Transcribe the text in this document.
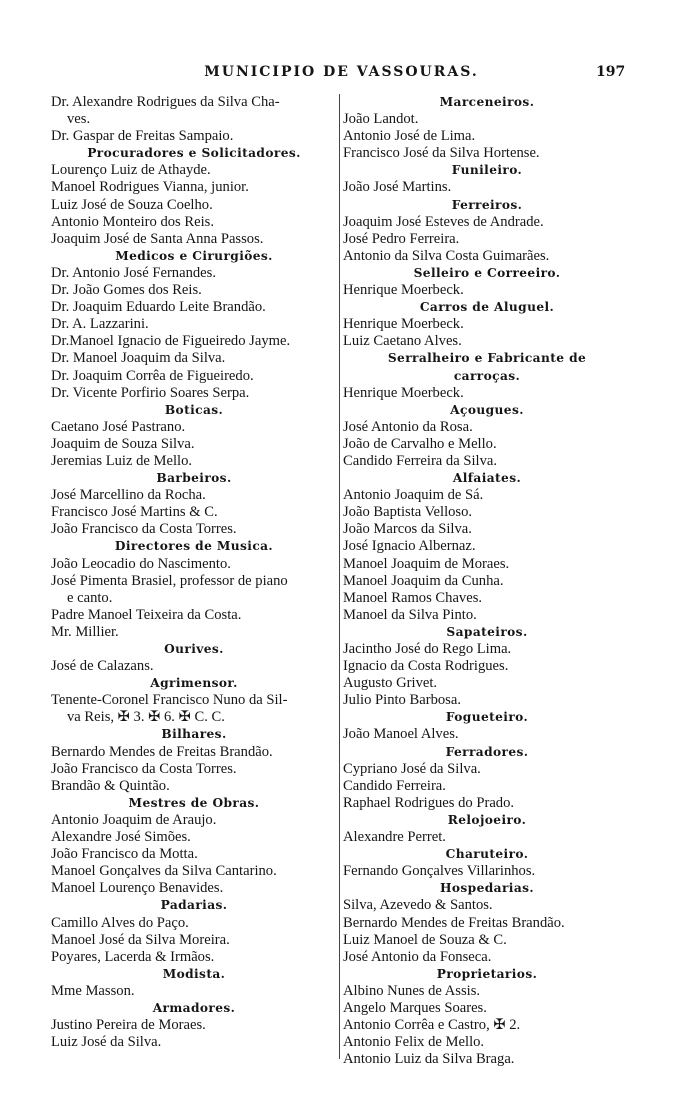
MUNICIPIO DE VASSOURAS.	197
Dr. Alexandre Rodrigues da Silva Cha-
ves.
Dr. Gaspar de Freitas Sampaio.
Procuradores e Solicitadores.
Lourenço Luiz de Athayde.
Manoel Rodrigues Vianna, junior.
Luiz José de Souza Coelho.
Antonio Monteiro dos Reis.
Joaquim José de Santa Anna Passos.
Medicos e Cirurgiões.
Dr. Antonio José Fernandes.
Dr. João Gomes dos Reis.
Dr. Joaquim Eduardo Leite Brandão.
Dr. A. Lazzarini.
Dr.Manoel Ignacio de Figueiredo Jayme.
Dr. Manoel Joaquim da Silva.
Dr. Joaquim Corrêa de Figueiredo.
Dr. Vicente Porfirio Soares Serpa.
Boticas.
Caetano José Pastrano.
Joaquim de Souza Silva.
Jeremias Luiz de Mello.
Barbeiros.
José Marcellino da Rocha.
Francisco José Martins & C.
João Francisco da Costa Torres.
Directores de Musica.
João Leocadio do Nascimento.
José Pimenta Brasiel, professor de piano
e canto.
Padre Manoel Teixeira da Costa.
Mr. Millier.
Ourives.
José de Calazans.
Agrimensor.
Tenente-Coronel Francisco Nuno da Sil-
va Reis, ✠ 3. ✠ 6. ✠ C. C.
Bilhares.
Bernardo Mendes de Freitas Brandão.
João Francisco da Costa Torres.
Brandão & Quintão.
Mestres de Obras.
Antonio Joaquim de Araujo.
Alexandre José Simões.
João Francisco da Motta.
Manoel Gonçalves da Silva Cantarino.
Manoel Lourenço Benavides.
Padarias.
Camillo Alves do Paço.
Manoel José da Silva Moreira.
Poyares, Lacerda & Irmãos.
Modista.
Mme Masson.
Armadores.
Justino Pereira de Moraes.
Luiz José da Silva.
Marceneiros.
João Landot.
Antonio José de Lima.
Francisco José da Silva Hortense.
Funileiro.
João José Martins.
Ferreiros.
Joaquim José Esteves de Andrade.
José Pedro Ferreira.
Antonio da Silva Costa Guimarães.
Selleiro e Correeiro.
Henrique Moerbeck.
Carros de Aluguel.
Henrique Moerbeck.
Luiz Caetano Alves.
Serralheiro e Fabricante de
carroças.
Henrique Moerbeck.
Açougues.
José Antonio da Rosa.
João de Carvalho e Mello.
Candido Ferreira da Silva.
Alfaiates.
Antonio Joaquim de Sá.
João Baptista Velloso.
João Marcos da Silva.
José Ignacio Albernaz.
Manoel Joaquim de Moraes.
Manoel Joaquim da Cunha.
Manoel Ramos Chaves.
Manoel da Silva Pinto.
Sapateiros.
Jacintho José do Rego Lima.
Ignacio da Costa Rodrigues.
Augusto Grivet.
Julio Pinto Barbosa.
Fogueteiro.
João Manoel Alves.
Ferradores.
Cypriano José da Silva.
Candido Ferreira.
Raphael Rodrigues do Prado.
Relojoeiro.
Alexandre Perret.
Charuteiro.
Fernando Gonçalves Villarinhos.
Hospedarias.
Silva, Azevedo & Santos.
Bernardo Mendes de Freitas Brandão.
Luiz Manoel de Souza & C.
José Antonio da Fonseca.
Proprietarios.
Albino Nunes de Assis.
Angelo Marques Soares.
Antonio Corrêa e Castro, ✠ 2.
Antonio Felix de Mello.
Antonio Luiz da Silva Braga.
